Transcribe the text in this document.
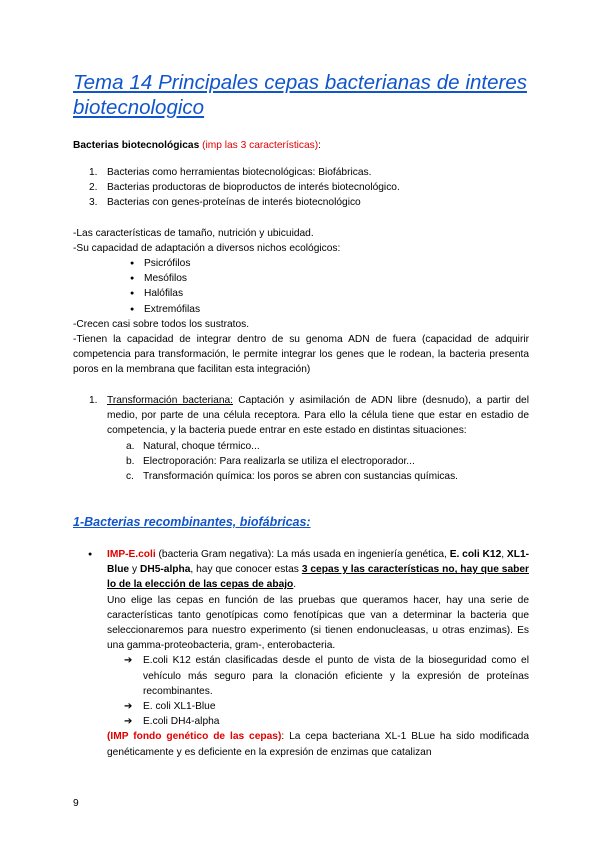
Tema 14 Principales cepas bacterianas de interes biotecnologico
Bacterias biotecnológicas (imp las 3 características):
1. Bacterias como herramientas biotecnológicas: Biofábricas.
2. Bacterias productoras de bioproductos de interés biotecnológico.
3. Bacterias con genes-proteínas de interés biotecnológico
-Las características de tamaño, nutrición y ubicuidad.
-Su capacidad de adaptación a diversos nichos ecológicos:
● Psicrófilos
● Mesófilos
● Halófilas
● Extremófilas
-Crecen casi sobre todos los sustratos.
-Tienen la capacidad de integrar dentro de su genoma ADN de fuera (capacidad de adquirir competencia para transformación, le permite integrar los genes que le rodean, la bacteria presenta poros en la membrana que facilitan esta integración)
1. Transformación bacteriana: Captación y asimilación de ADN libre (desnudo), a partir del medio, por parte de una célula receptora. Para ello la célula tiene que estar en estadio de competencia, y la bacteria puede entrar en este estado en distintas situaciones:
a. Natural, choque térmico...
b. Electroporación: Para realizarla se utiliza el electroporador...
c. Transformación química: los poros se abren con sustancias químicas.
1-Bacterias recombinantes, biofábricas:
● IMP-E.coli (bacteria Gram negativa): La más usada en ingeniería genética, E. coli K12, XL1-Blue y DH5-alpha, hay que conocer estas 3 cepas y las características no, hay que saber lo de la elección de las cepas de abajo.
Uno elige las cepas en función de las pruebas que queramos hacer, hay una serie de características tanto genotípicas como fenotípicas que van a determinar la bacteria que seleccionaremos para nuestro experimento (si tienen endonucleasas, u otras enzimas). Es una gamma-proteobacteria, gram-, enterobacteria.
➔ E.coli K12 están clasificadas desde el punto de vista de la bioseguridad como el vehículo más seguro para la clonación eficiente y la expresión de proteínas recombinantes.
➔ E. coli XL1-Blue
➔ E.coli DH4-alpha
(IMP fondo genético de las cepas): La cepa bacteriana XL-1 BLue ha sido modificada genéticamente y es deficiente en la expresión de enzimas que catalizan
9
